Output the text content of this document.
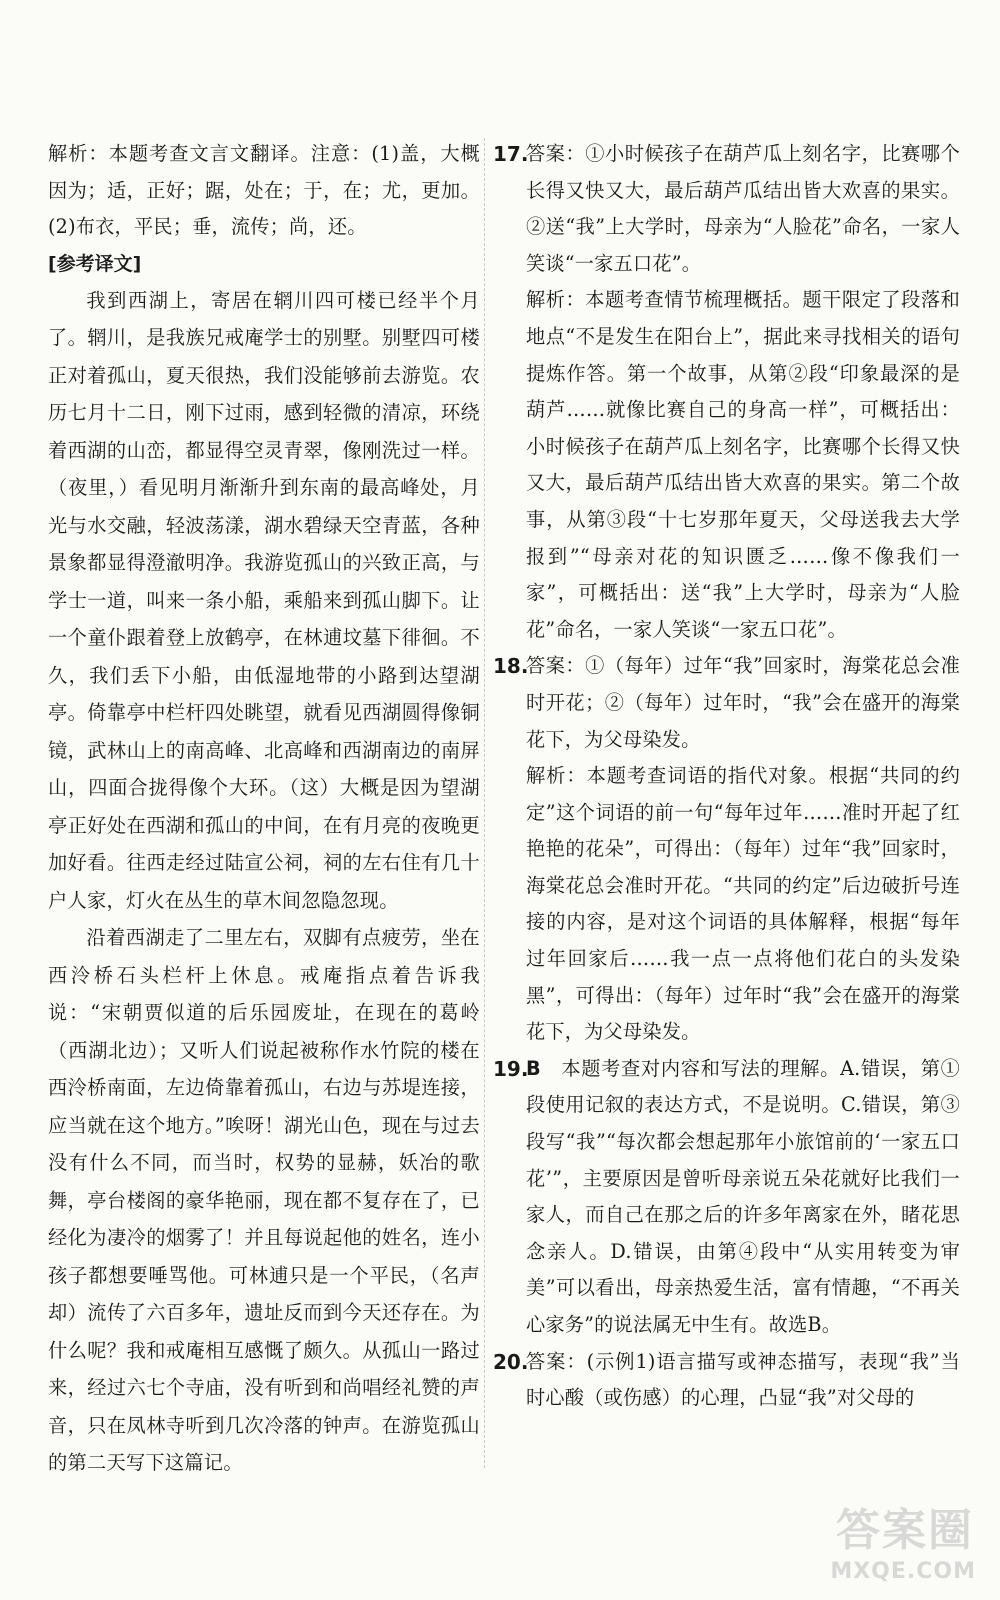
解析：本题考查文言文翻译。注意：(1)盖，大概因为；适，正好；踞，处在；于，在；尤，更加。(2)布衣，平民；垂，流传；尚，还。

[参考译文]

我到西湖上，寄居在辋川四可楼已经半个月了。辋川，是我族兄戒庵学士的别墅。别墅四可楼正对着孤山，夏天很热，我们没能够前去游览。农历七月十二日，刚下过雨，感到轻微的清凉，环绕着西湖的山峦，都显得空灵青翠，像刚洗过一样。（夜里，）看见明月渐渐升到东南的最高峰处，月光与水交融，轻波荡漾，湖水碧绿天空青蓝，各种景象都显得澄澈明净。我游览孤山的兴致正高，与学士一道，叫来一条小船，乘船来到孤山脚下。让一个童仆跟着登上放鹤亭，在林逋坟墓下徘徊。不久，我们丢下小船，由低湿地带的小路到达望湖亭。倚靠亭中栏杆四处眺望，就看见西湖圆得像铜镜，武林山上的南高峰、北高峰和西湖南边的南屏山，四面合拢得像个大环。（这）大概是因为望湖亭正好处在西湖和孤山的中间，在有月亮的夜晚更加好看。往西走经过陆宣公祠，祠的左右住有几十户人家，灯火在丛生的草木间忽隐忽现。

沿着西湖走了二里左右，双脚有点疲劳，坐在西泠桥石头栏杆上休息。戒庵指点着告诉我说：“宋朝贾似道的后乐园废址，在现在的葛岭（西湖北边）；又听人们说起被称作水竹院的楼在西泠桥南面，左边倚靠着孤山，右边与苏堤连接，应当就在这个地方。”唉呀！湖光山色，现在与过去没有什么不同，而当时，权势的显赫，妖冶的歌舞，亭台楼阁的豪华艳丽，现在都不复存在了，已经化为凄冷的烟雾了！并且每说起他的姓名，连小孩子都想要唾骂他。可林逋只是一个平民，（名声却）流传了六百多年，遗址反而到今天还存在。为什么呢？我和戒庵相互感慨了颇久。从孤山一路过来，经过六七个寺庙，没有听到和尚唱经礼赞的声音，只在凤林寺听到几次冷落的钟声。在游览孤山的第二天写下这篇记。

17.

答案：①小时候孩子在葫芦瓜上刻名字，比赛哪个长得又快又大，最后葫芦瓜结出皆大欢喜的果实。②送“我”上大学时，母亲为“人脸花”命名，一家人笑谈“一家五口花”。

解析：本题考查情节梳理概括。题干限定了段落和地点“不是发生在阳台上”，据此来寻找相关的语句提炼作答。第一个故事，从第②段“印象最深的是葫芦……就像比赛自己的身高一样”，可概括出：小时候孩子在葫芦瓜上刻名字，比赛哪个长得又快又大，最后葫芦瓜结出皆大欢喜的果实。第二个故事，从第③段“十七岁那年夏天，父母送我去大学报到”“母亲对花的知识匮乏……像不像我们一家”，可概括出：送“我”上大学时，母亲为“人脸花”命名，一家人笑谈“一家五口花”。

18.

答案：①（每年）过年“我”回家时，海棠花总会准时开花；②（每年）过年时，“我”会在盛开的海棠花下，为父母染发。

解析：本题考查词语的指代对象。根据“共同的约定”这个词语的前一句“每年过年……准时开起了红艳艳的花朵”，可得出：（每年）过年“我”回家时，海棠花总会准时开花。“共同的约定”后边破折号连接的内容，是对这个词语的具体解释，根据“每年过年回家后……我一点一点将他们花白的头发染黑”，可得出：（每年）过年时“我”会在盛开的海棠花下，为父母染发。

19.

B 本题考查对内容和写法的理解。A.错误，第①段使用记叙的表达方式，不是说明。C.错误，第③段写“我”“每次都会想起那年小旅馆前的‘一家五口花’”，主要原因是曾听母亲说五朵花就好比我们一家人，而自己在那之后的许多年离家在外，睹花思念亲人。D.错误，由第④段中“从实用转变为审美”可以看出，母亲热爱生活，富有情趣，“不再关心家务”的说法属无中生有。故选B。

20.

答案：(示例1)语言描写或神态描写，表现“我”当时心酸（或伤感）的心理，凸显“我”对父母的

答案圈
MXQE.COM
